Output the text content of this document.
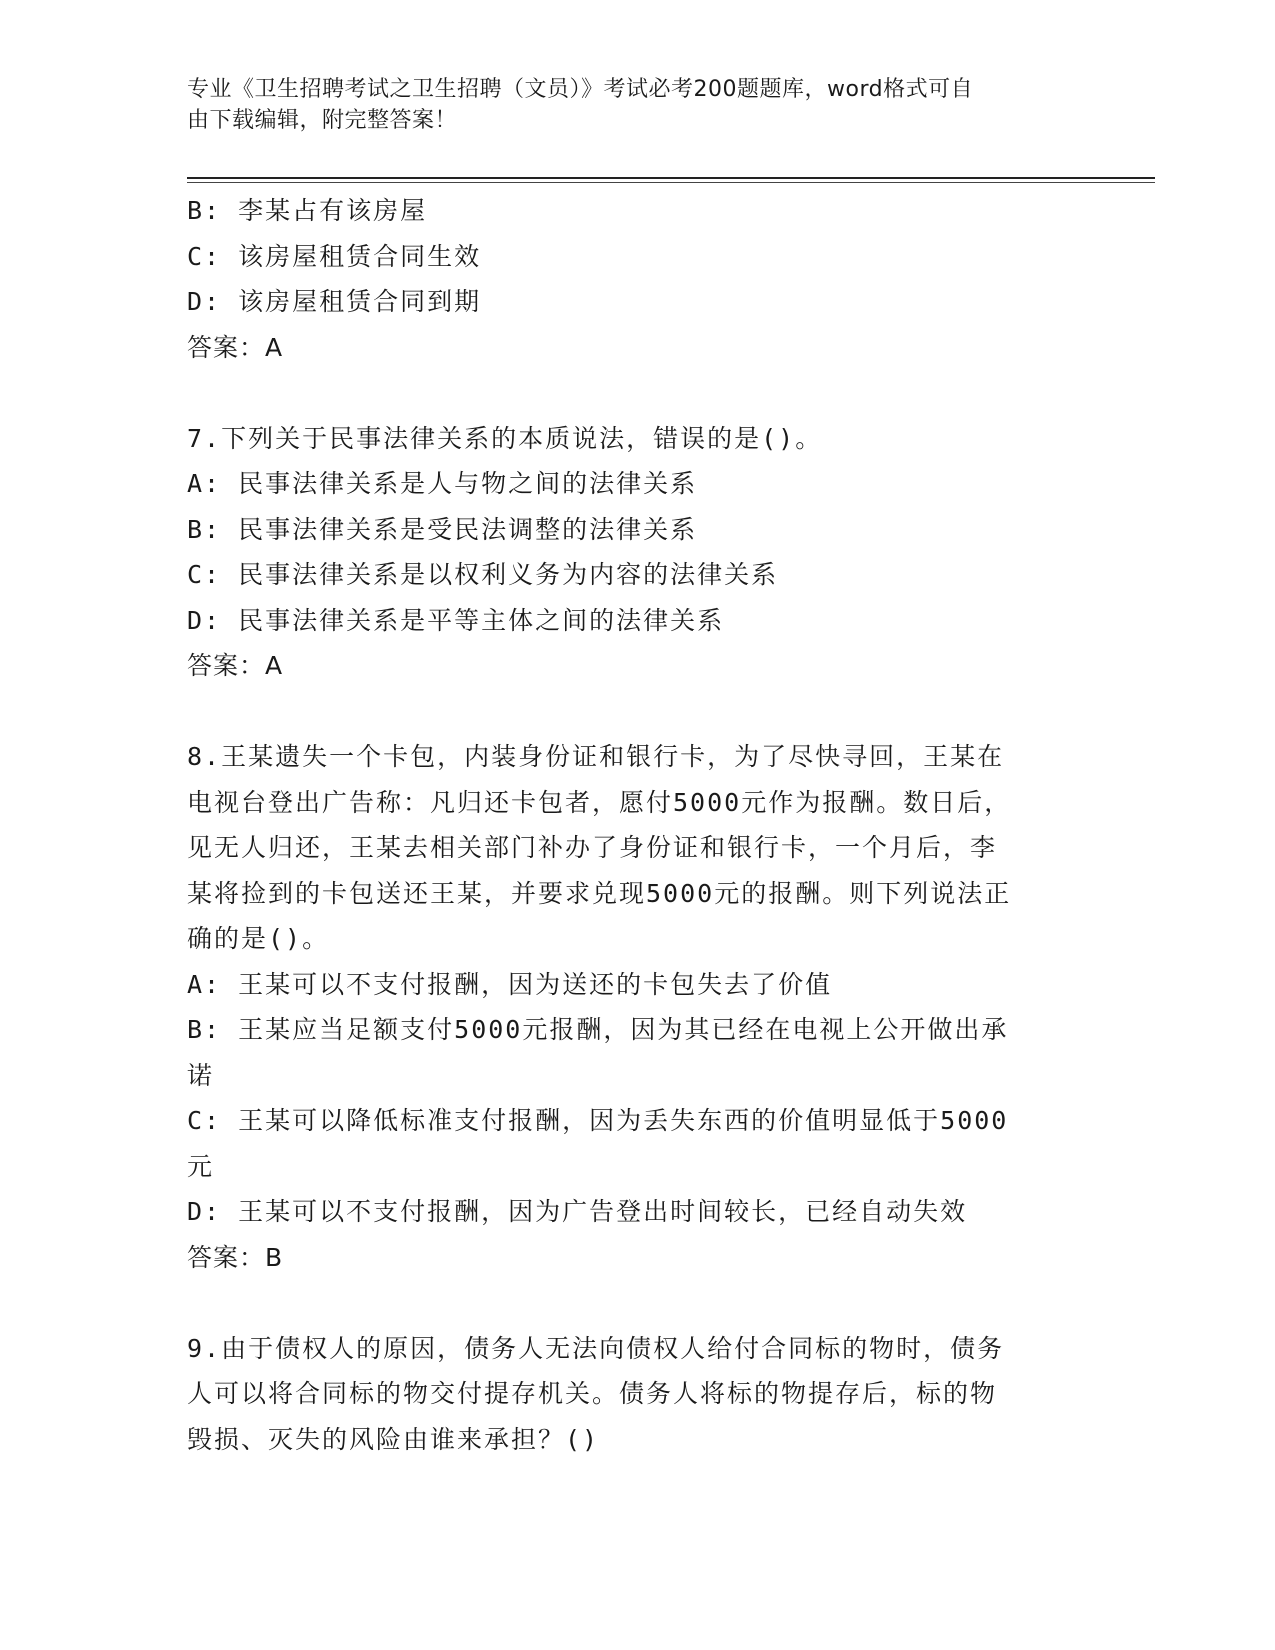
专业《卫生招聘考试之卫生招聘（文员）》考试必考200题题库，word格式可自
由下载编辑，附完整答案！
B: 李某占有该房屋
C: 该房屋租赁合同生效
D: 该房屋租赁合同到期
答案：A
7.下列关于民事法律关系的本质说法，错误的是()。
A: 民事法律关系是人与物之间的法律关系
B: 民事法律关系是受民法调整的法律关系
C: 民事法律关系是以权利义务为内容的法律关系
D: 民事法律关系是平等主体之间的法律关系
答案：A
8.王某遗失一个卡包，内装身份证和银行卡，为了尽快寻回，王某在
电视台登出广告称：凡归还卡包者，愿付5000元作为报酬。数日后，
见无人归还，王某去相关部门补办了身份证和银行卡，一个月后，李
某将捡到的卡包送还王某，并要求兑现5000元的报酬。则下列说法正
确的是()。
A: 王某可以不支付报酬，因为送还的卡包失去了价值
B: 王某应当足额支付5000元报酬，因为其已经在电视上公开做出承
诺
C: 王某可以降低标准支付报酬，因为丢失东西的价值明显低于5000
元
D: 王某可以不支付报酬，因为广告登出时间较长，已经自动失效
答案：B
9.由于债权人的原因，债务人无法向债权人给付合同标的物时，债务
人可以将合同标的物交付提存机关。债务人将标的物提存后，标的物
毁损、灭失的风险由谁来承担？()
